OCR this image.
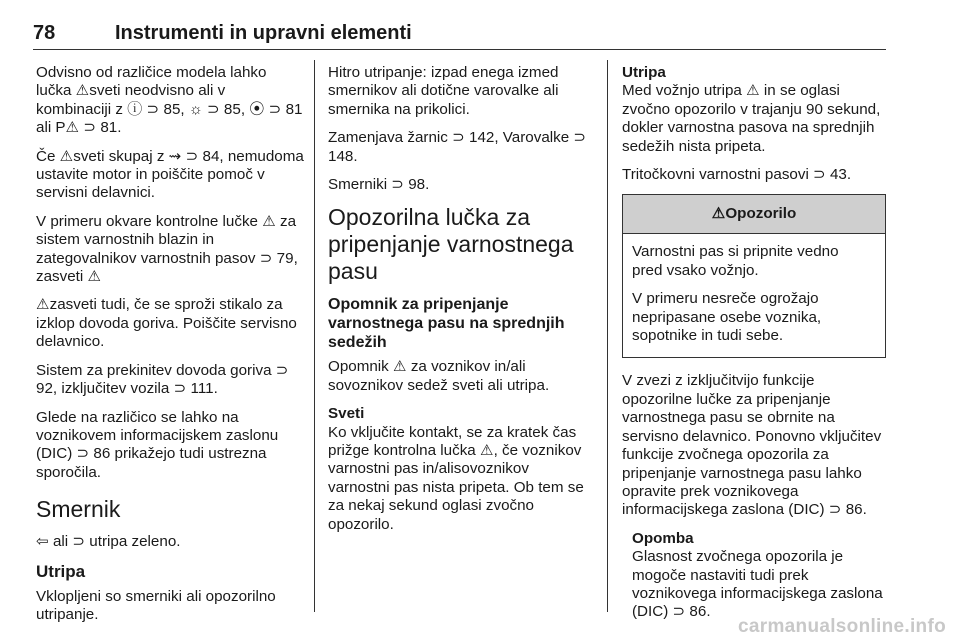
78	Instrumenti in upravni elementi

Odvisno od različice modela lahko lučka ⚠sveti neodvisno ali v kombinaciji z ⓘ ⊃ 85, ☼ ⊃ 85, ⦿ ⊃ 81 ali P⚠ ⊃ 81.

Če ⚠sveti skupaj z ⇝ ⊃ 84, nemudoma ustavite motor in poiščite pomoč v servisni delavnici.

V primeru okvare kontrolne lučke ⚠ za sistem varnostnih blazin in zategovalnikov varnostnih pasov ⊃ 79, zasveti ⚠

⚠zasveti tudi, če se sproži stikalo za izklop dovoda goriva. Poiščite servisno delavnico.

Sistem za prekinitev dovoda goriva ⊃ 92, izključitev vozila ⊃ 111.

Glede na različico se lahko na voznikovem informacijskem zaslonu (DIC) ⊃ 86 prikažejo tudi ustrezna sporočila.

Smernik

⇦ ali ⊃ utripa zeleno.

Utripa

Vklopljeni so smerniki ali opozorilno utripanje.

Hitro utripanje: izpad enega izmed smernikov ali dotične varovalke ali smernika na prikolici.

Zamenjava žarnic ⊃ 142, Varovalke ⊃ 148.

Smerniki ⊃ 98.

Opozorilna lučka za pripenjanje varnostnega pasu
Opomnik za pripenjanje varnostnega pasu na sprednjih sedežih

Opomnik ⚠ za voznikov in/ali sovoznikov sedež sveti ali utripa.

Sveti

Ko vključite kontakt, se za kratek čas prižge kontrolna lučka ⚠, če voznikov varnostni pas in/alisovoznikov varnostni pas nista pripeta. Ob tem se za nekaj sekund oglasi zvočno opozorilo.

Utripa

Med vožnjo utripa ⚠ in se oglasi zvočno opozorilo v trajanju 90 sekund, dokler varnostna pasova na sprednjih sedežih nista pripeta.

Tritočkovni varnostni pasovi ⊃ 43.

⚠Opozorilo

Varnostni pas si pripnite vedno pred vsako vožnjo.

V primeru nesreče ogrožajo nepripasane osebe voznika, sopotnike in tudi sebe.

V zvezi z izključitvijo funkcije opozorilne lučke za pripenjanje varnostnega pasu se obrnite na servisno delavnico. Ponovno vključitev funkcije zvočnega opozorila za pripenjanje varnostnega pasu lahko opravite prek voznikovega informacijskega zaslona (DIC) ⊃ 86.

Opomba
Glasnost zvočnega opozorila je mogoče nastaviti tudi prek voznikovega informacijskega zaslona (DIC) ⊃ 86.
carmanualsonline.info
